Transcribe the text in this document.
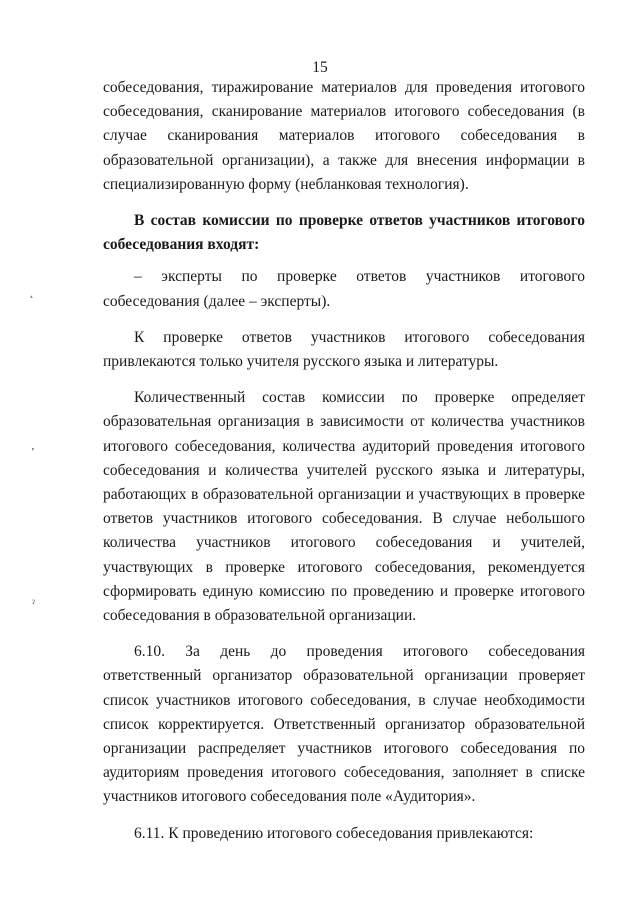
15

собеседования, тиражирование материалов для проведения итогового собеседования, сканирование материалов итогового собеседования (в случае сканирования материалов итогового собеседования в образовательной организации), а также для внесения информации в специализированную форму (небланковая технология).

В состав комиссии по проверке ответов участников итогового собеседования входят:

– эксперты по проверке ответов участников итогового

собеседования (далее – эксперты).

К проверке ответов участников итогового собеседования привлекаются только учителя русского языка и литературы.

Количественный состав комиссии по проверке определяет образовательная организация в зависимости от количества участников итогового собеседования, количества аудиторий проведения итогового собеседования и количества учителей русского языка и литературы, работающих в образовательной организации и участвующих в проверке ответов участников итогового собеседования. В случае небольшого количества участников итогового собеседования и учителей, участвующих в проверке итогового собеседования, рекомендуется сформировать единую комиссию по проведению и проверке итогового собеседования в образовательной организации.

6.10. За день до проведения итогового собеседования ответственный организатор образовательной организации проверяет список участников итогового собеседования, в случае необходимости список корректируется. Ответственный организатор образовательной организации распределяет участников итогового собеседования по аудиториям проведения итогового собеседования, заполняет в списке участников итогового собеседования поле «Аудитория».

6.11. К проведению итогового собеседования привлекаются:

˛
ʼ
ˀ
